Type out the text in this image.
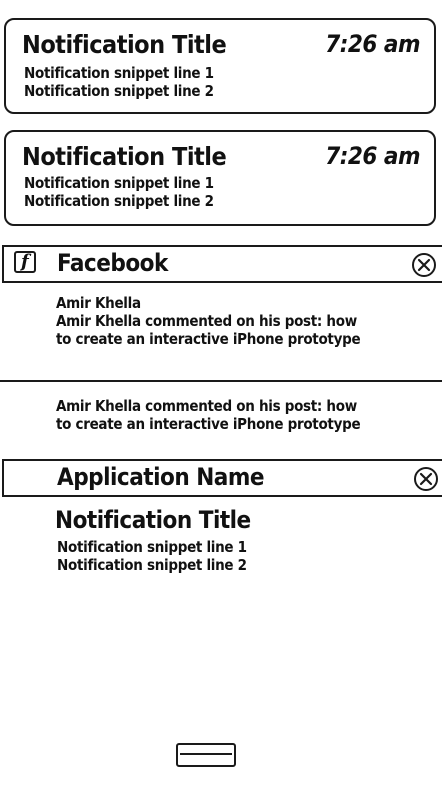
Notification Title	7:26 am
Notification snippet line 1
Notification snippet line 2
Notification Title	7:26 am
Notification snippet line 1
Notification snippet line 2
f Facebook
Amir Khella
Amir Khella commented on his post: how
to create an interactive iPhone prototype
Amir Khella commented on his post: how
to create an interactive iPhone prototype
Application Name
Notification Title
Notification snippet line 1
Notification snippet line 2
